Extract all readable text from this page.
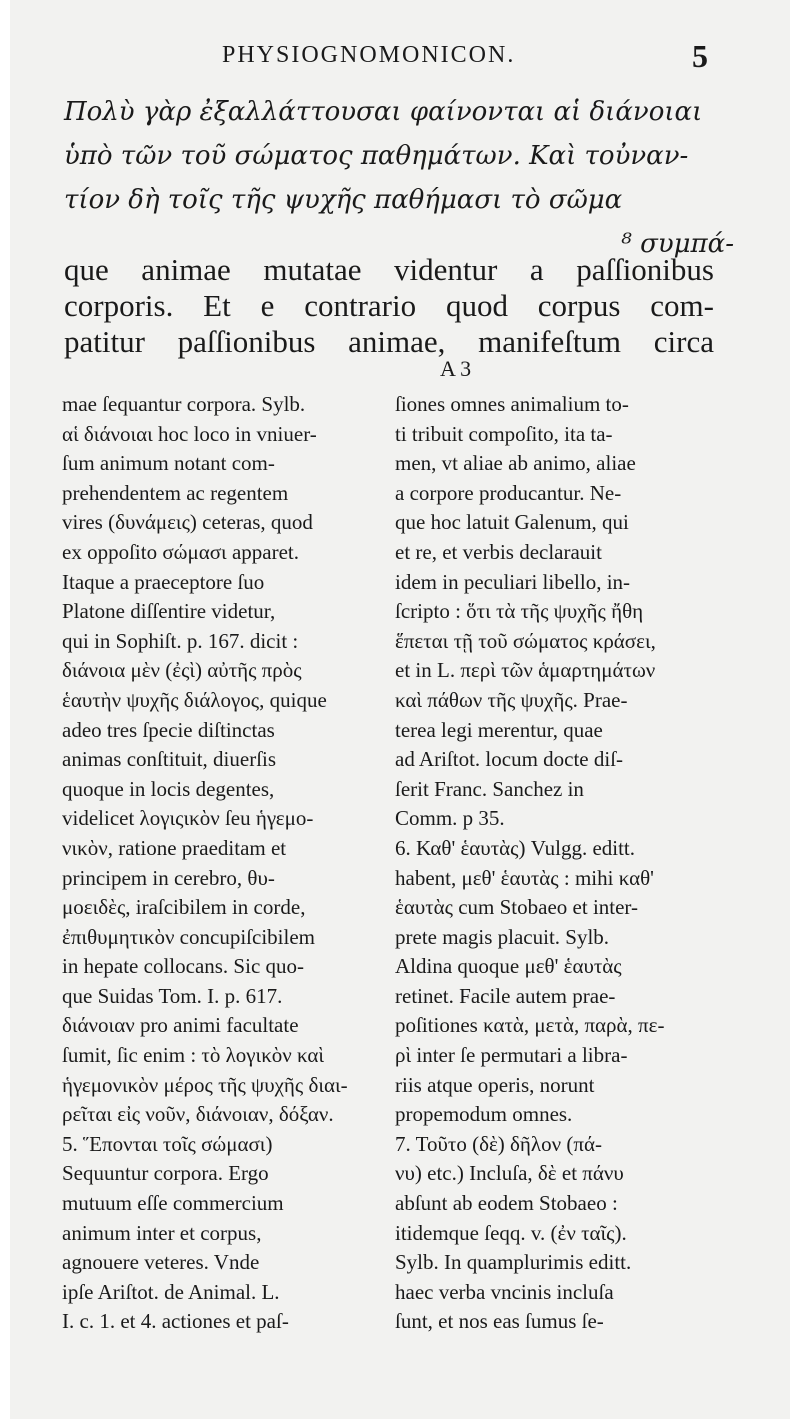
PHYSIOGNOMONICON.	5
Πολὺ γὰρ ἐξαλλάττουσαι φαίνονται αἱ διάνοιαι
ὑπὸ τῶν τοῦ σώματος παθημάτων. Καὶ τοὐναν-
τίον δὴ τοῖς τῆς ψυχῆς παθήμασι τὸ σῶμα
⁸ συμπά-
que animae mutatae videntur a paſſionibus
corporis. Et e contrario quod corpus com-
patitur paſſionibus animae, manifeſtum circa
A 3
mae ſequantur corpora. Sylb.
αἱ διάνοιαι hoc loco in vniuer-
ſum animum notant com-
prehendentem ac regentem
vires (δυνάμεις) ceteras, quod
ex oppoſito σώμασι apparet.
Itaque a praeceptore ſuo
Platone diſſentire videtur,
qui in Sophiſt. p. 167. dicit :
διάνοια μὲν (ἐςὶ) αὐτῆς πρὸς
ἑαυτὴν ψυχῆς διάλογος, quique
adeo tres ſpecie diſtinctas
animas conſtituit, diuerſis
quoque in locis degentes,
videlicet λογιςικὸν ſeu ἡγεμο-
νικὸν, ratione praeditam et
principem in cerebro, θυ-
μοειδὲς, iraſcibilem in corde,
ἐπιθυμητικὸν concupiſcibilem
in hepate collocans. Sic quo-
que Suidas Tom. I. p. 617.
διάνοιαν pro animi facultate
ſumit, ſic enim : τὸ λογικὸν καὶ
ἡγεμονικὸν μέρος τῆς ψυχῆς διαι-
ρεῖται εἰς νοῦν, διάνοιαν, δόξαν.
5. Ἕπονται τοῖς σώμασι)
Sequuntur corpora. Ergo
mutuum eſſe commercium
animum inter et corpus,
agnouere veteres. Vnde
ipſe Ariſtot. de Animal. L.
I. c. 1. et 4. actiones et paſ-
ſiones omnes animalium to-
ti tribuit compoſito, ita ta-
men, vt aliae ab animo, aliae
a corpore producantur. Ne-
que hoc latuit Galenum, qui
et re, et verbis declarauit
idem in peculiari libello, in-
ſcripto : ὅτι τὰ τῆς ψυχῆς ἤθη
ἕπεται τῇ τοῦ σώματος κράσει,
et in L. περὶ τῶν ἁμαρτημάτων
καὶ πάθων τῆς ψυχῆς. Prae-
terea legi merentur, quae
ad Ariſtot. locum docte diſ-
ſerit Franc. Sanchez in
Comm. p 35.
6. Καθ' ἑαυτὰς) Vulgg. editt.
habent, μεθ' ἑαυτὰς : mihi καθ'
ἑαυτὰς cum Stobaeo et inter-
prete magis placuit. Sylb.
Aldina quoque μεθ' ἑαυτὰς
retinet. Facile autem prae-
poſitiones κατὰ, μετὰ, παρὰ, πε-
ρὶ inter ſe permutari a libra-
riis atque operis, norunt
propemodum omnes.
7. Τοῦτο (δὲ) δῆλον (πά-
νυ) etc.) Incluſa, δὲ et πάνυ
abſunt ab eodem Stobaeo :
itidemque ſeqq. v. (ἐν ταῖς).
Sylb. In quamplurimis editt.
haec verba vncinis incluſa
ſunt, et nos eas ſumus ſe-
